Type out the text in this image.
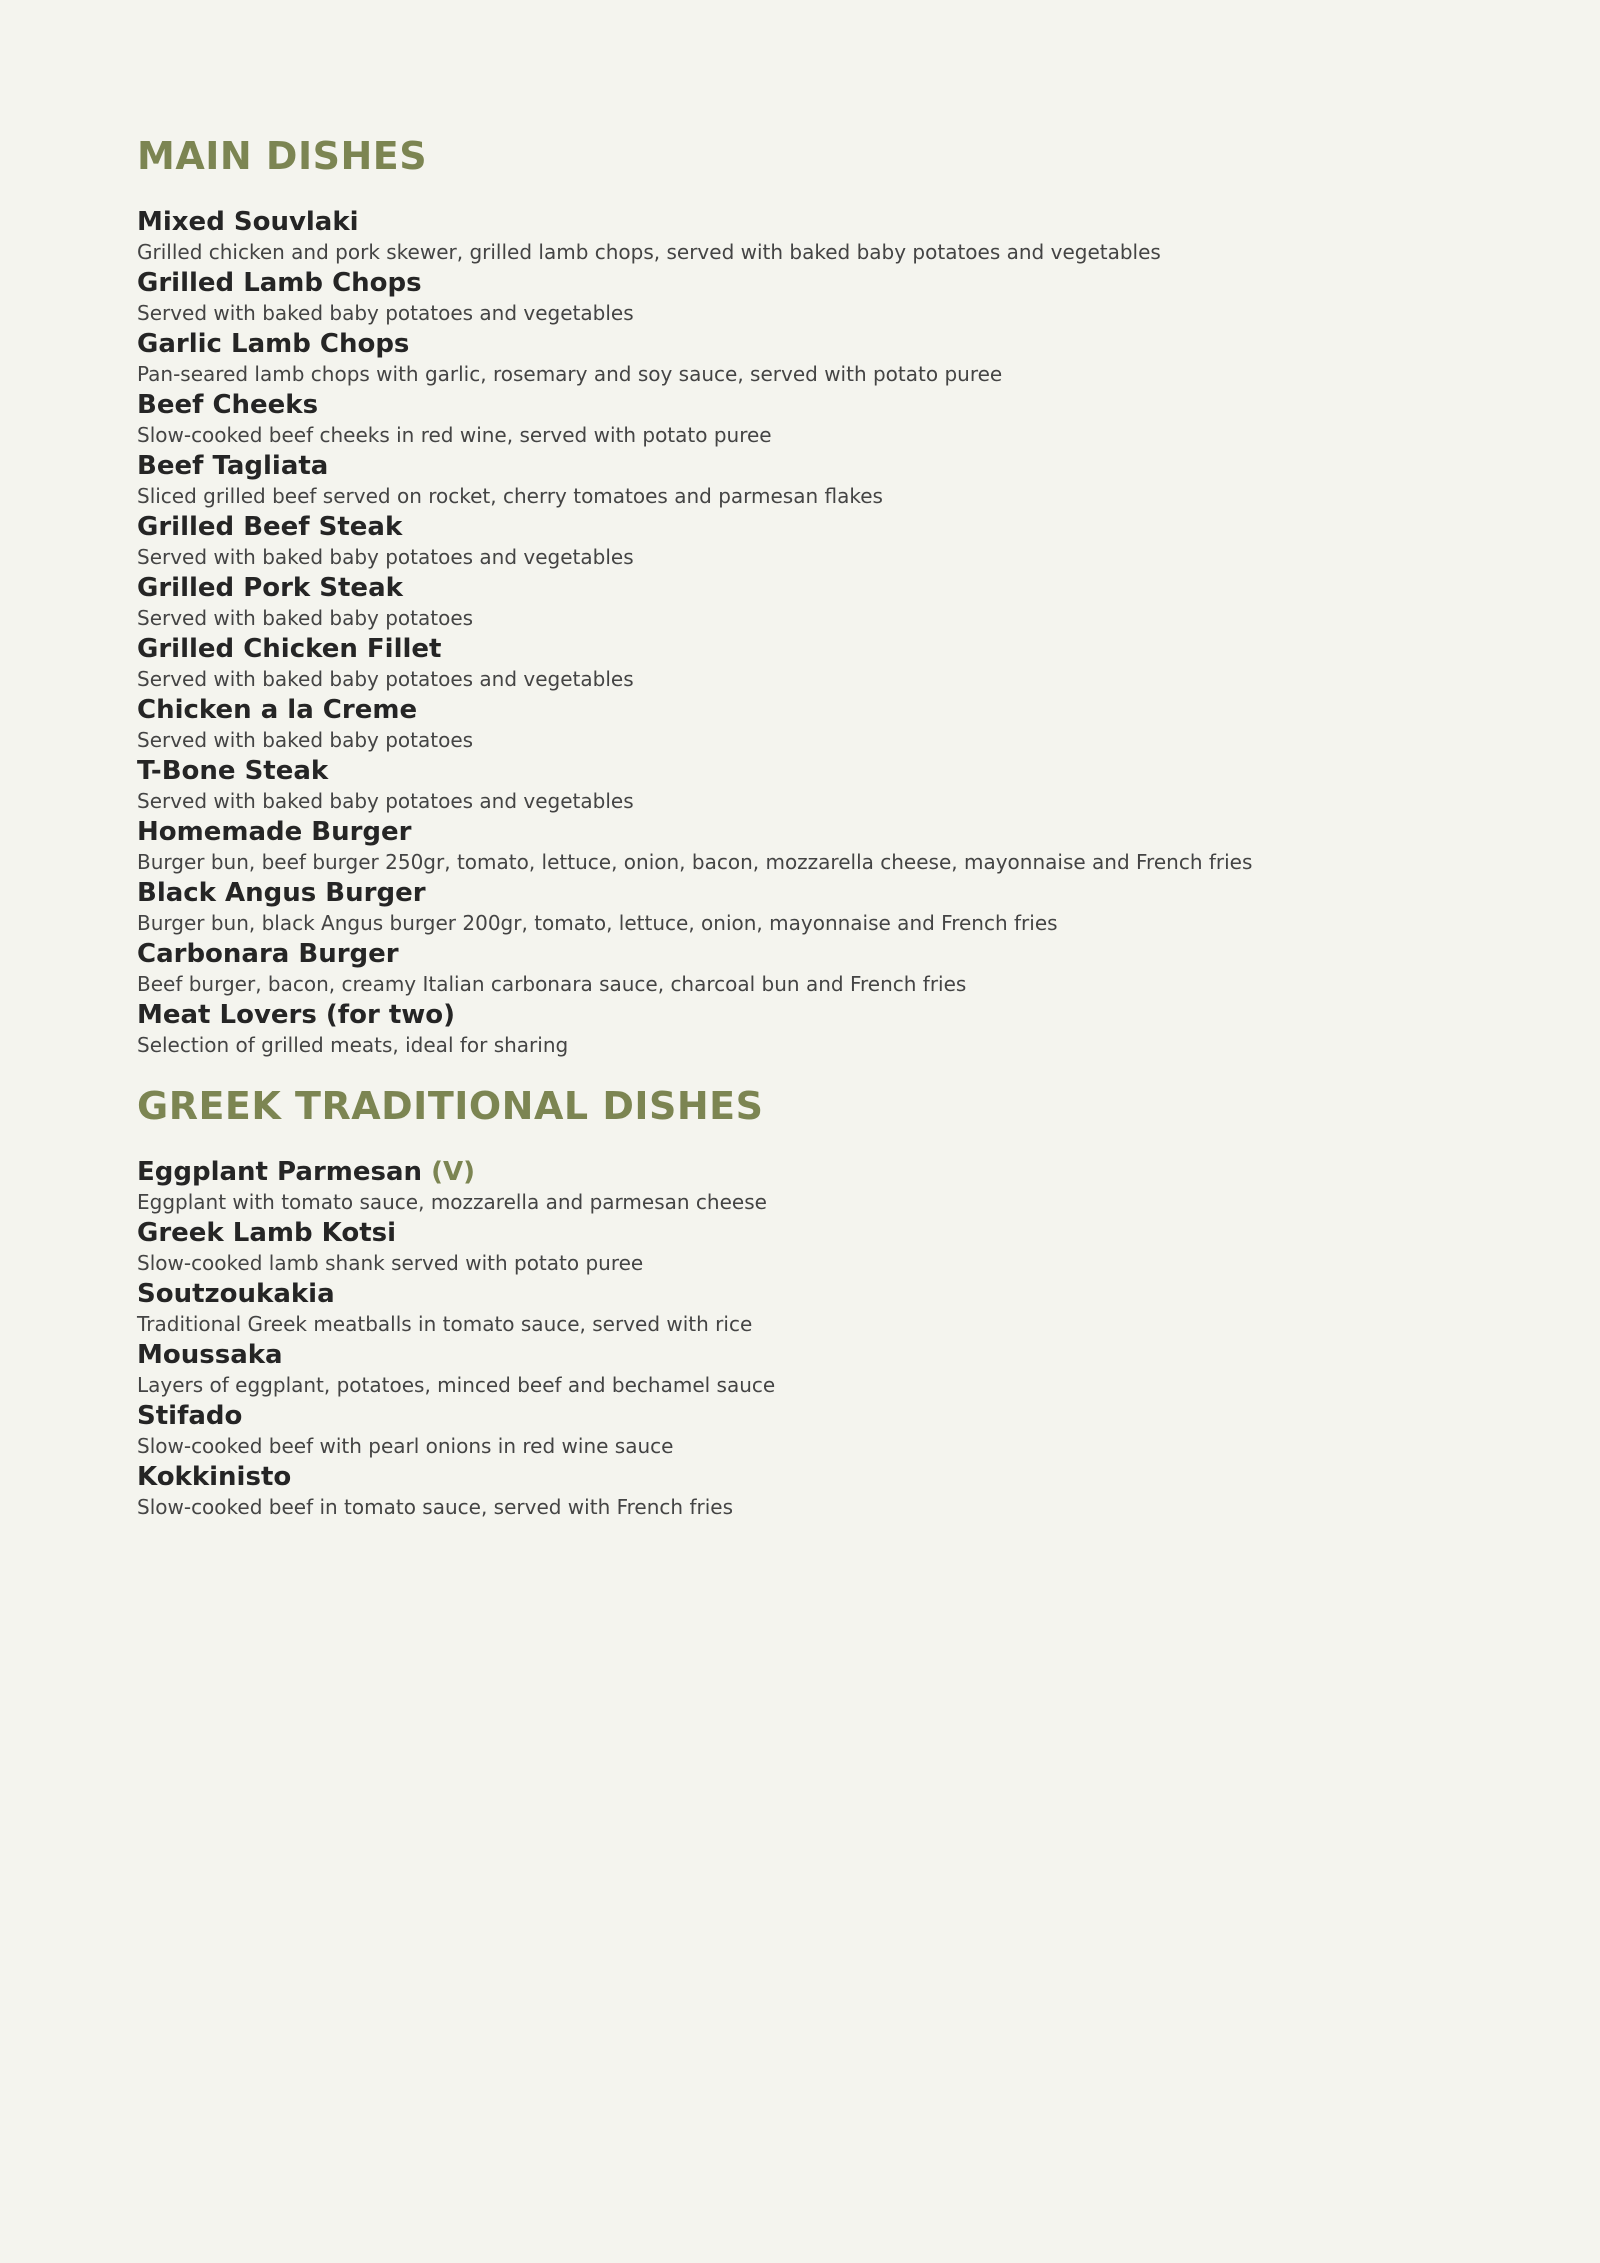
MAIN DISHES
Mixed Souvlaki
Grilled chicken and pork skewer, grilled lamb chops, served with baked baby potatoes and vegetables
Grilled Lamb Chops
Served with baked baby potatoes and vegetables
Garlic Lamb Chops
Pan-seared lamb chops with garlic, rosemary and soy sauce, served with potato puree
Beef Cheeks
Slow-cooked beef cheeks in red wine, served with potato puree
Beef Tagliata
Sliced grilled beef served on rocket, cherry tomatoes and parmesan flakes
Grilled Beef Steak
Served with baked baby potatoes and vegetables
Grilled Pork Steak
Served with baked baby potatoes
Grilled Chicken Fillet
Served with baked baby potatoes and vegetables
Chicken a la Creme
Served with baked baby potatoes
T-Bone Steak
Served with baked baby potatoes and vegetables
Homemade Burger
Burger bun, beef burger 250gr, tomato, lettuce, onion, bacon, mozzarella cheese, mayonnaise and French fries
Black Angus Burger
Burger bun, black Angus burger 200gr, tomato, lettuce, onion, mayonnaise and French fries
Carbonara Burger
Beef burger, bacon, creamy Italian carbonara sauce, charcoal bun and French fries
Meat Lovers (for two)
Selection of grilled meats, ideal for sharing
GREEK TRADITIONAL DISHES
Eggplant Parmesan (V)
Eggplant with tomato sauce, mozzarella and parmesan cheese
Greek Lamb Kotsi
Slow-cooked lamb shank served with potato puree
Soutzoukakia
Traditional Greek meatballs in tomato sauce, served with rice
Moussaka
Layers of eggplant, potatoes, minced beef and bechamel sauce
Stifado
Slow-cooked beef with pearl onions in red wine sauce
Kokkinisto
Slow-cooked beef in tomato sauce, served with French fries
